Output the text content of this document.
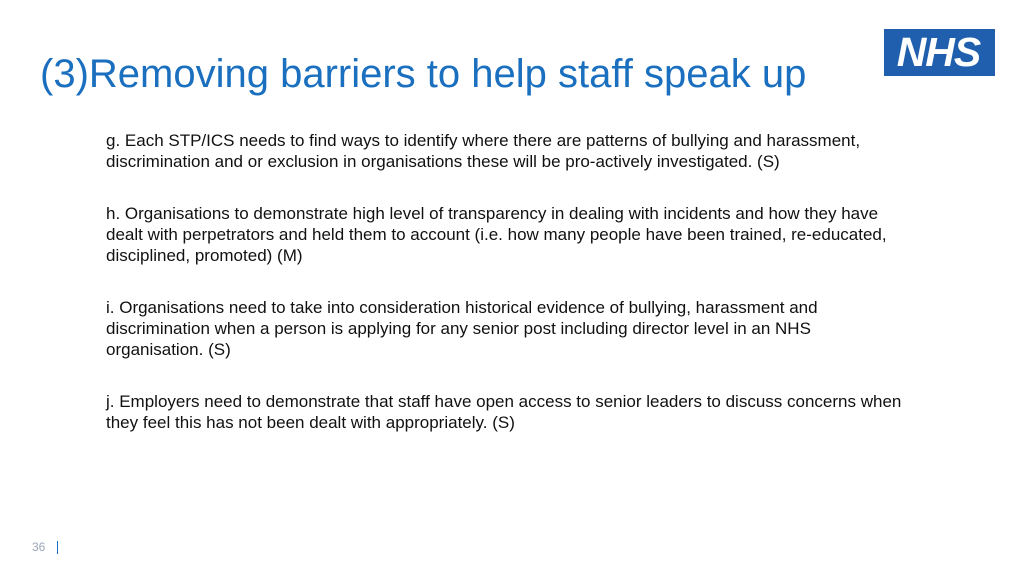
(3)Removing barriers to help staff speak up NHS

g. Each STP/ICS needs to find ways to identify where there are patterns of bullying and harassment, discrimination and or exclusion in organisations these will be pro-actively investigated. (S)

h. Organisations to demonstrate high level of transparency in dealing with incidents and how they have dealt with perpetrators and held them to account (i.e. how many people have been trained, re-educated, disciplined, promoted) (M)

i. Organisations need to take into consideration historical evidence of bullying, harassment and discrimination when a person is applying for any senior post including director level in an NHS organisation. (S)

j. Employers need to demonstrate that staff have open access to senior leaders to discuss concerns when they feel this has not been dealt with appropriately. (S)

36
